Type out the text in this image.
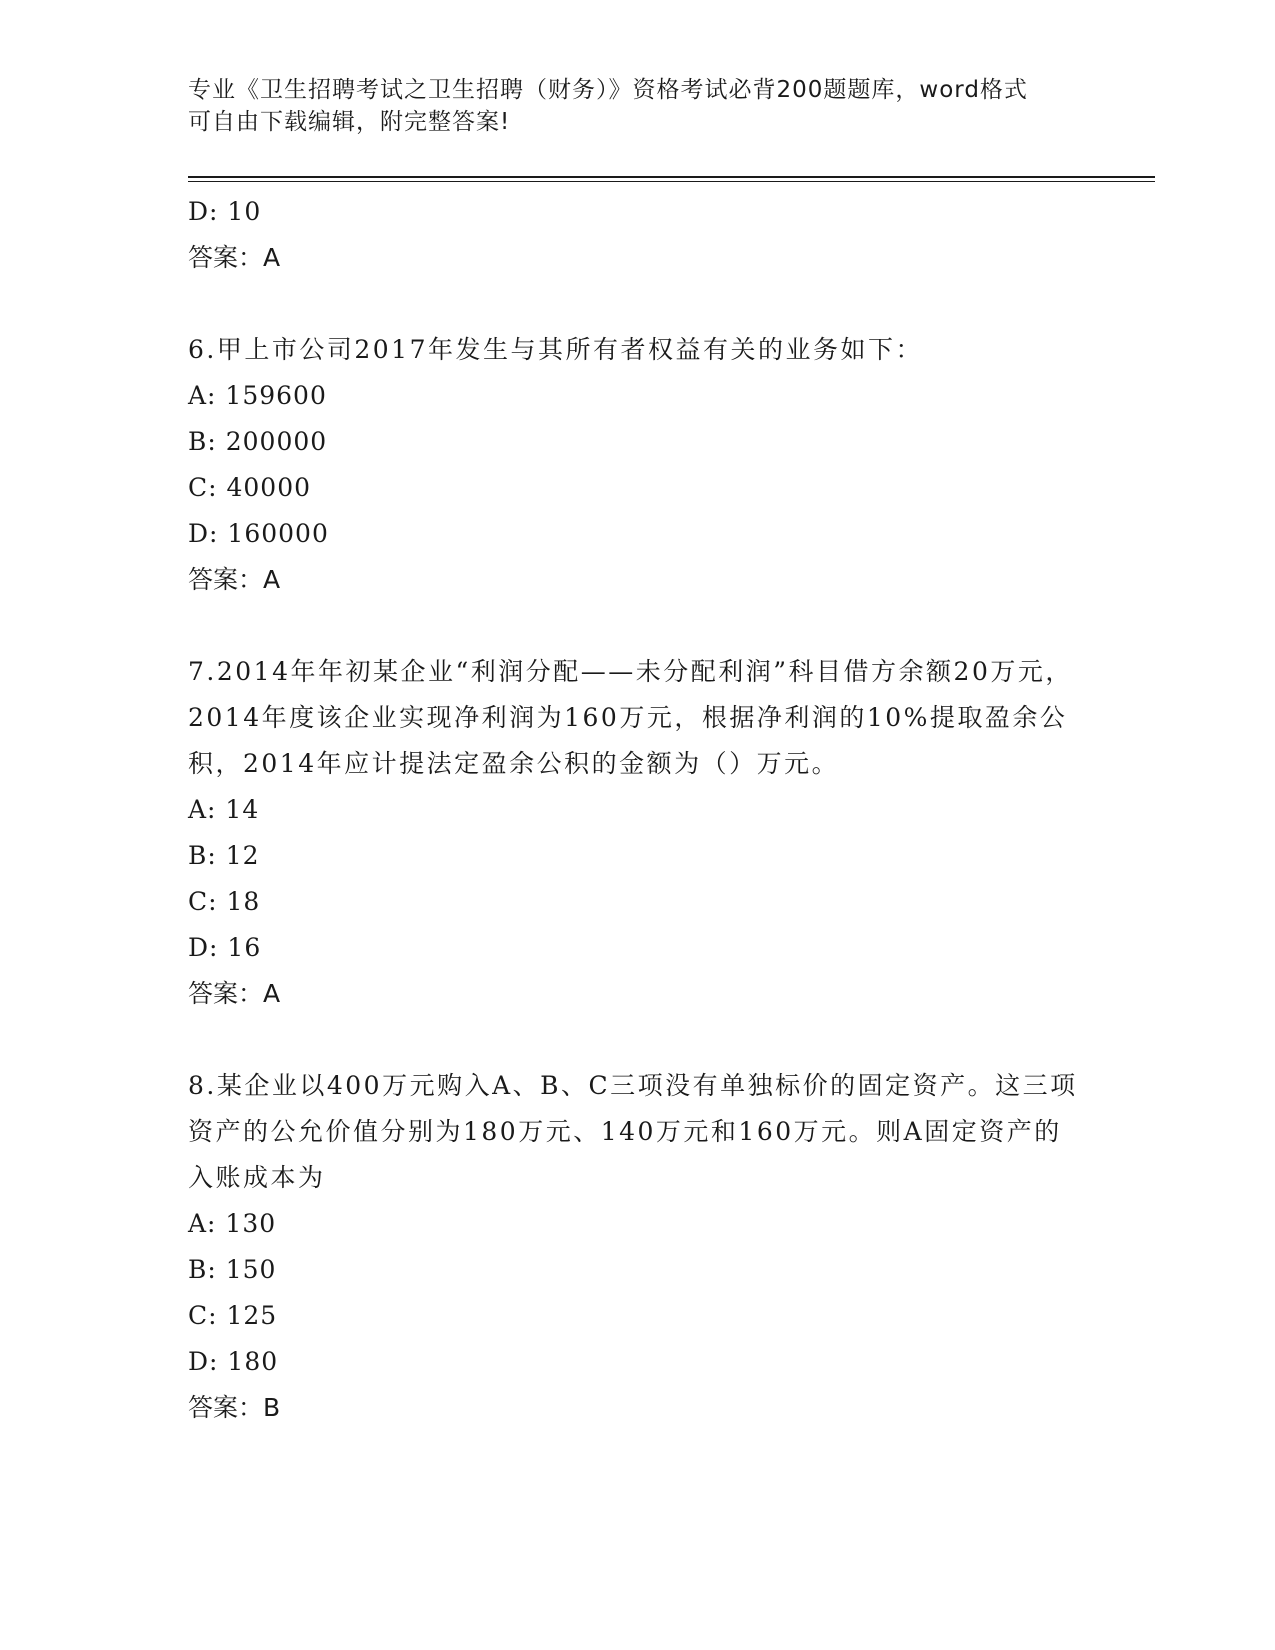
专业《卫生招聘考试之卫生招聘（财务）》资格考试必背200题题库，word格式
可自由下载编辑，附完整答案!
D: 10
答案：A
6.甲上市公司2017年发生与其所有者权益有关的业务如下：
A: 159600
B: 200000
C: 40000
D: 160000
答案：A
7.2014年年初某企业“利润分配——未分配利润”科目借方余额20万元，2014年度该企业实现净利润为160万元，根据净利润的10%提取盈余公积，2014年应计提法定盈余公积的金额为（）万元。
A: 14
B: 12
C: 18
D: 16
答案：A
8.某企业以400万元购入A、B、C三项没有单独标价的固定资产。这三项资产的公允价值分别为180万元、140万元和160万元。则A固定资产的入账成本为
A: 130
B: 150
C: 125
D: 180
答案：B
